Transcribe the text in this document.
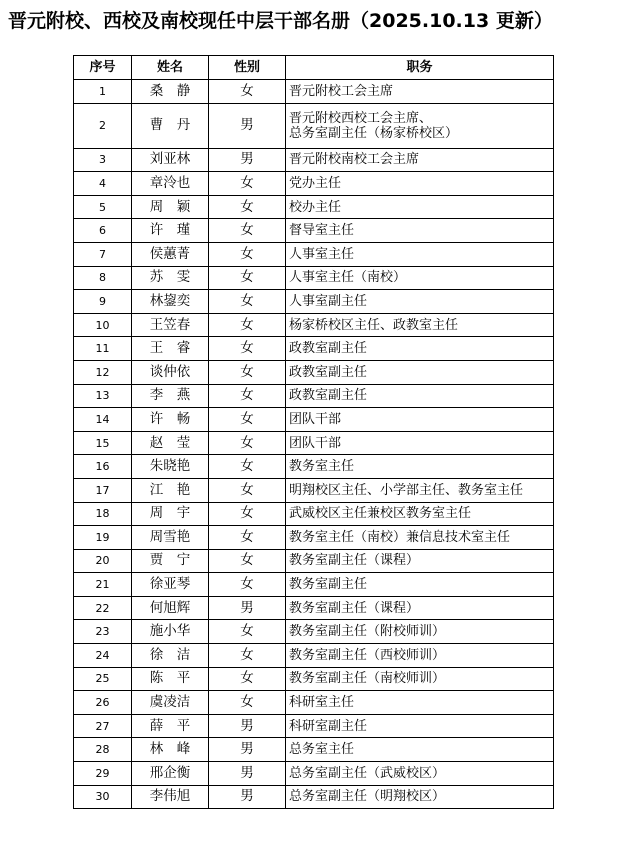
晋元附校、西校及南校现任中层干部名册（2025.10.13 更新）
序号	姓名	性别	职务
1	桑　静	女	晋元附校工会主席
2	曹　丹	男	晋元附校西校工会主席、
总务室副主任（杨家桥校区）
3	刘亚林	男	晋元附校南校工会主席
4	章泠也	女	党办主任
5	周　颖	女	校办主任
6	许　瑾	女	督导室主任
7	侯蕙菁	女	人事室主任
8	苏　雯	女	人事室主任（南校）
9	林鋆奕	女	人事室副主任
10	王笠春	女	杨家桥校区主任、政教室主任
11	王　睿	女	政教室副主任
12	谈仲依	女	政教室副主任
13	李　燕	女	政教室副主任
14	许　畅	女	团队干部
15	赵　莹	女	团队干部
16	朱晓艳	女	教务室主任
17	江　艳	女	明翔校区主任、小学部主任、教务室主任
18	周　宇	女	武威校区主任兼校区教务室主任
19	周雪艳	女	教务室主任（南校）兼信息技术室主任
20	贾　宁	女	教务室副主任（课程）
21	徐亚琴	女	教务室副主任
22	何旭辉	男	教务室副主任（课程）
23	施小华	女	教务室副主任（附校师训）
24	徐　洁	女	教务室副主任（西校师训）
25	陈　平	女	教务室副主任（南校师训）
26	虞凌洁	女	科研室主任
27	薛　平	男	科研室副主任
28	林　峰	男	总务室主任
29	邢企衡	男	总务室副主任（武威校区）
30	李伟旭	男	总务室副主任（明翔校区）
